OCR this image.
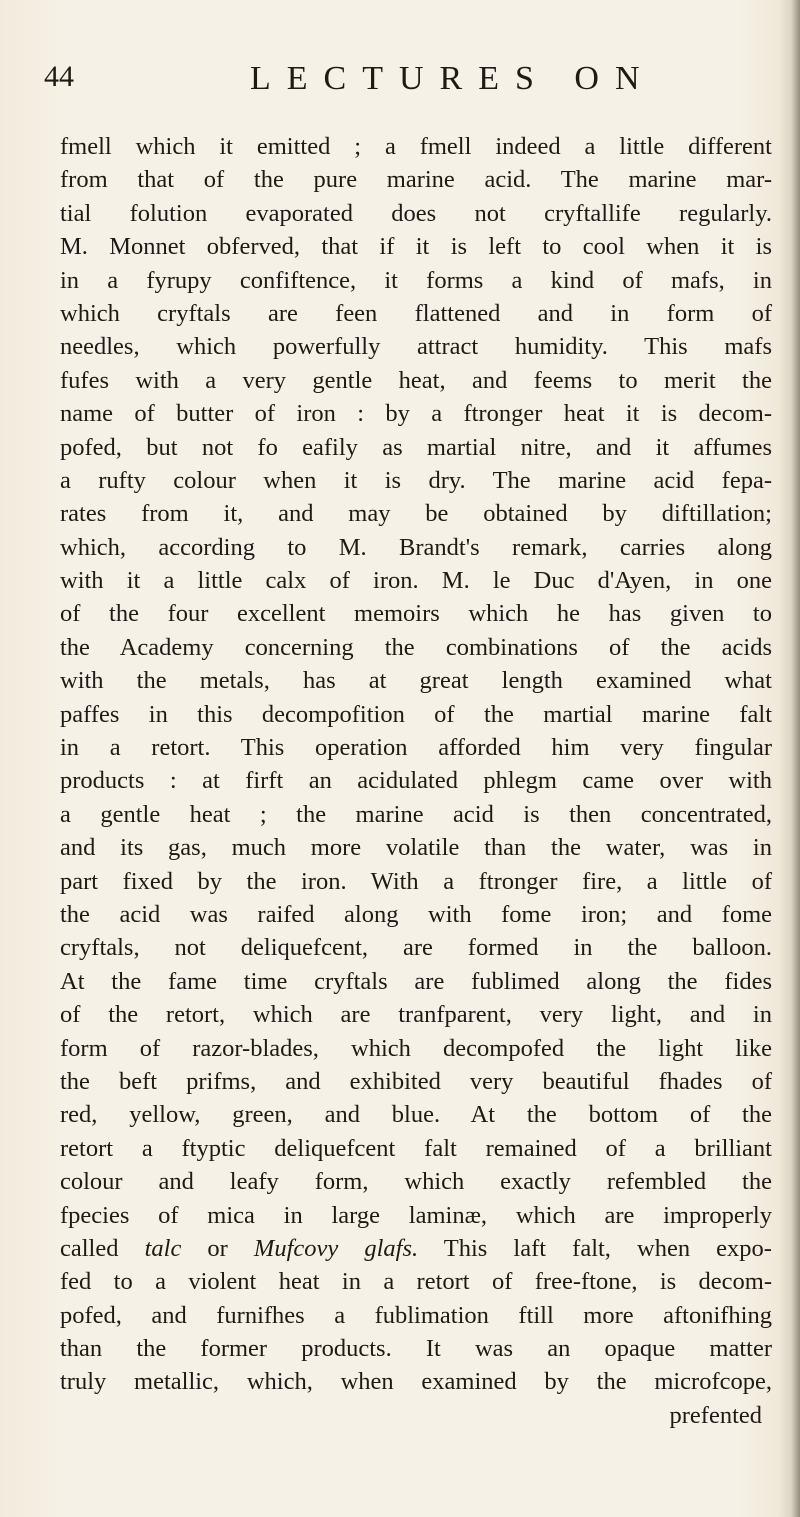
44	LECTURES ON
fmell which it emitted ; a fmell indeed a little different
from that of the pure marine acid. The marine mar-
tial folution evaporated does not cryftallife regularly.
M. Monnet obferved, that if it is left to cool when it is
in a fyrupy confiftence, it forms a kind of mafs, in
which cryftals are feen flattened and in form of
needles, which powerfully attract humidity. This mafs
fufes with a very gentle heat, and feems to merit the
name of butter of iron : by a ftronger heat it is decom-
pofed, but not fo eafily as martial nitre, and it affumes
a rufty colour when it is dry. The marine acid fepa-
rates from it, and may be obtained by diftillation;
which, according to M. Brandt's remark, carries along
with it a little calx of iron. M. le Duc d'Ayen, in one
of the four excellent memoirs which he has given to
the Academy concerning the combinations of the acids
with the metals, has at great length examined what
paffes in this decompofition of the martial marine falt
in a retort. This operation afforded him very fingular
products : at firft an acidulated phlegm came over with
a gentle heat ; the marine acid is then concentrated,
and its gas, much more volatile than the water, was in
part fixed by the iron. With a ftronger fire, a little of
the acid was raifed along with fome iron; and fome
cryftals, not deliquefcent, are formed in the balloon.
At the fame time cryftals are fublimed along the fides
of the retort, which are tranfparent, very light, and in
form of razor-blades, which decompofed the light like
the beft prifms, and exhibited very beautiful fhades of
red, yellow, green, and blue. At the bottom of the
retort a ftyptic deliquefcent falt remained of a brilliant
colour and leafy form, which exactly refembled the
fpecies of mica in large laminæ, which are improperly
called talc or Mufcovy glafs. This laft falt, when expo-
fed to a violent heat in a retort of free-ftone, is decom-
pofed, and furnifhes a fublimation ftill more aftonifhing
than the former products. It was an opaque matter
truly metallic, which, when examined by the microfcope,
prefented
